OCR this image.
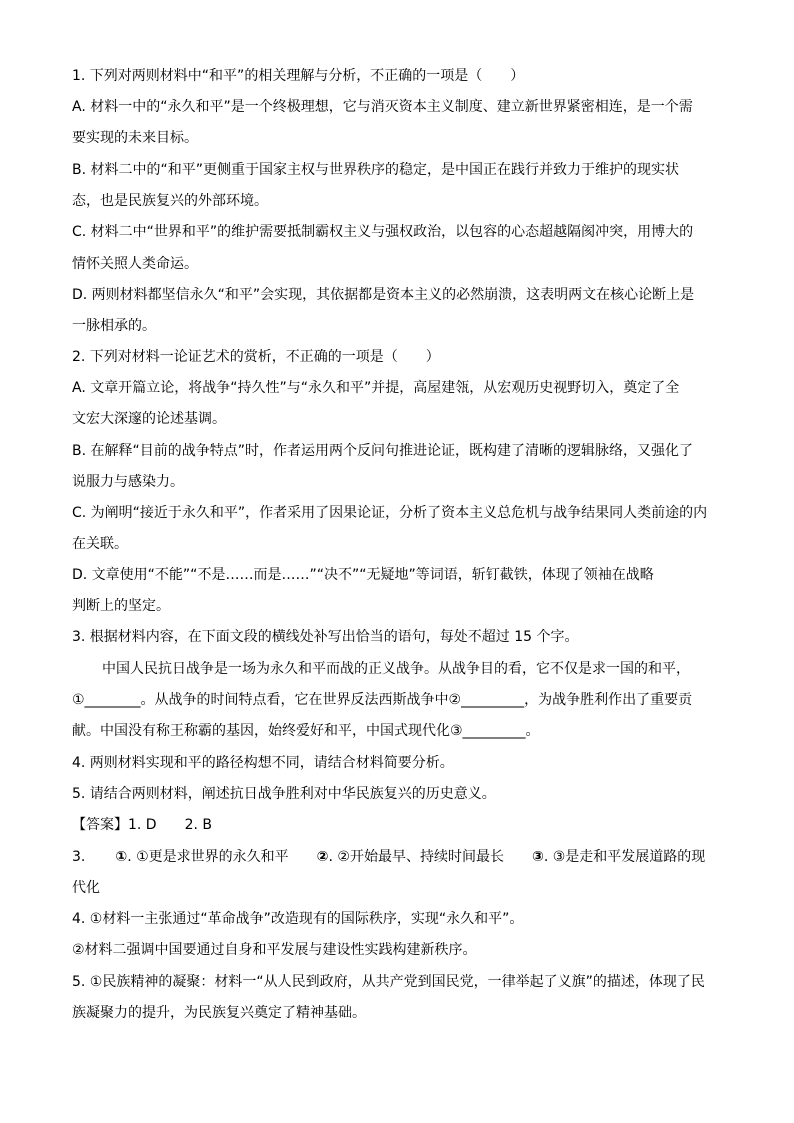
1. 下列对两则材料中“和平”的相关理解与分析，不正确的一项是（　　）
A. 材料一中的“永久和平”是一个终极理想，它与消灭资本主义制度、建立新世界紧密相连，是一个需
要实现的未来目标。
B. 材料二中的“和平”更侧重于国家主权与世界秩序的稳定，是中国正在践行并致力于维护的现实状
态，也是民族复兴的外部环境。
C. 材料二中“世界和平”的维护需要抵制霸权主义与强权政治，以包容的心态超越隔阂冲突，用博大的
情怀关照人类命运。
D. 两则材料都坚信永久“和平”会实现，其依据都是资本主义的必然崩溃，这表明两文在核心论断上是
一脉相承的。
2. 下列对材料一论证艺术的赏析，不正确的一项是（　　）
A. 文章开篇立论，将战争“持久性”与“永久和平”并提，高屋建瓴，从宏观历史视野切入，奠定了全
文宏大深邃的论述基调。
B. 在解释“目前的战争特点”时，作者运用两个反问句推进论证，既构建了清晰的逻辑脉络，又强化了
说服力与感染力。
C. 为阐明“接近于永久和平”，作者采用了因果论证，分析了资本主义总危机与战争结果同人类前途的内
在关联。
D. 文章使用“不能”“不是……而是……”“决不”“无疑地”等词语，斩钉截铁，体现了领袖在战略
判断上的坚定。
3. 根据材料内容，在下面文段的横线处补写出恰当的语句，每处不超过 15 个字。
中国人民抗日战争是一场为永久和平而战的正义战争。从战争目的看，它不仅是求一国的和平，
①________。从战争的时间特点看，它在世界反法西斯战争中②_________，为战争胜利作出了重要贡
献。中国没有称王称霸的基因，始终爱好和平，中国式现代化③_________。
4. 两则材料实现和平的路径构想不同，请结合材料简要分析。
5. 请结合两则材料，阐述抗日战争胜利对中华民族复兴的历史意义。
【答案】1. D 2. B
3. ①. ①更是求世界的永久和平 ②. ②开始最早、持续时间最长 ③. ③是走和平发展道路的现
代化
4. ①材料一主张通过“革命战争”改造现有的国际秩序，实现“永久和平”。
②材料二强调中国要通过自身和平发展与建设性实践构建新秩序。
5. ①民族精神的凝聚：材料一“从人民到政府，从共产党到国民党，一律举起了义旗”的描述，体现了民
族凝聚力的提升，为民族复兴奠定了精神基础。
